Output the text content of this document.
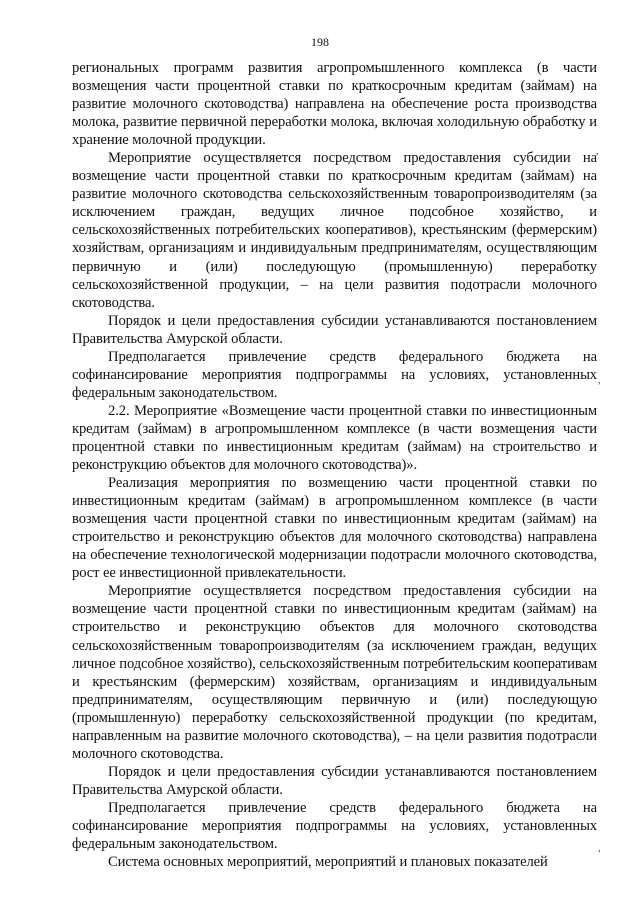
198

региональных программ развития агропромышленного комплекса (в части возмещения части процентной ставки по краткосрочным кредитам (займам) на развитие молочного скотоводства) направлена на обеспечение роста производства молока, развитие первичной переработки молока, включая холодильную обработку и хранение молочной продукции.

Мероприятие осуществляется посредством предоставления субсидии на возмещение части процентной ставки по краткосрочным кредитам (займам) на развитие молочного скотоводства сельскохозяйственным товаропроизводителям (за исключением граждан, ведущих личное подсобное хозяйство, и сельскохозяйственных потребительских кооперативов), крестьянским (фермерским) хозяйствам, организациям и индивидуальным предпринимателям, осуществляющим первичную и (или) последующую (промышленную) переработку сельскохозяйственной продукции, – на цели развития подотрасли молочного скотоводства.

Порядок и цели предоставления субсидии устанавливаются постановлением Правительства Амурской области.

Предполагается привлечение средств федерального бюджета на софинансирование мероприятия подпрограммы на условиях, установленных федеральным законодательством.

2.2. Мероприятие «Возмещение части процентной ставки по инвестиционным кредитам (займам) в агропромышленном комплексе (в части возмещения части процентной ставки по инвестиционным кредитам (займам) на строительство и реконструкцию объектов для молочного скотоводства)».

Реализация мероприятия по возмещению части процентной ставки по инвестиционным кредитам (займам) в агропромышленном комплексе (в части возмещения части процентной ставки по инвестиционным кредитам (займам) на строительство и реконструкцию объектов для молочного скотоводства) направлена на обеспечение технологической модернизации подотрасли молочного скотоводства, рост ее инвестиционной привлекательности.

Мероприятие осуществляется посредством предоставления субсидии на возмещение части процентной ставки по инвестиционным кредитам (займам) на строительство и реконструкцию объектов для молочного скотоводства сельскохозяйственным товаропроизводителям (за исключением граждан, ведущих личное подсобное хозяйство), сельскохозяйственным потребительским кооперативам и крестьянским (фермерским) хозяйствам, организациям и индивидуальным предпринимателям, осуществляющим первичную и (или) последующую (промышленную) переработку сельскохозяйственной продукции (по кредитам, направленным на развитие молочного скотоводства), – на цели развития подотрасли молочного скотоводства.

Порядок и цели предоставления субсидии устанавливаются постановлением Правительства Амурской области.

Предполагается привлечение средств федерального бюджета на софинансирование мероприятия подпрограммы на условиях, установленных федеральным законодательством.

Система основных мероприятий, мероприятий и плановых показателей

,
,
,
